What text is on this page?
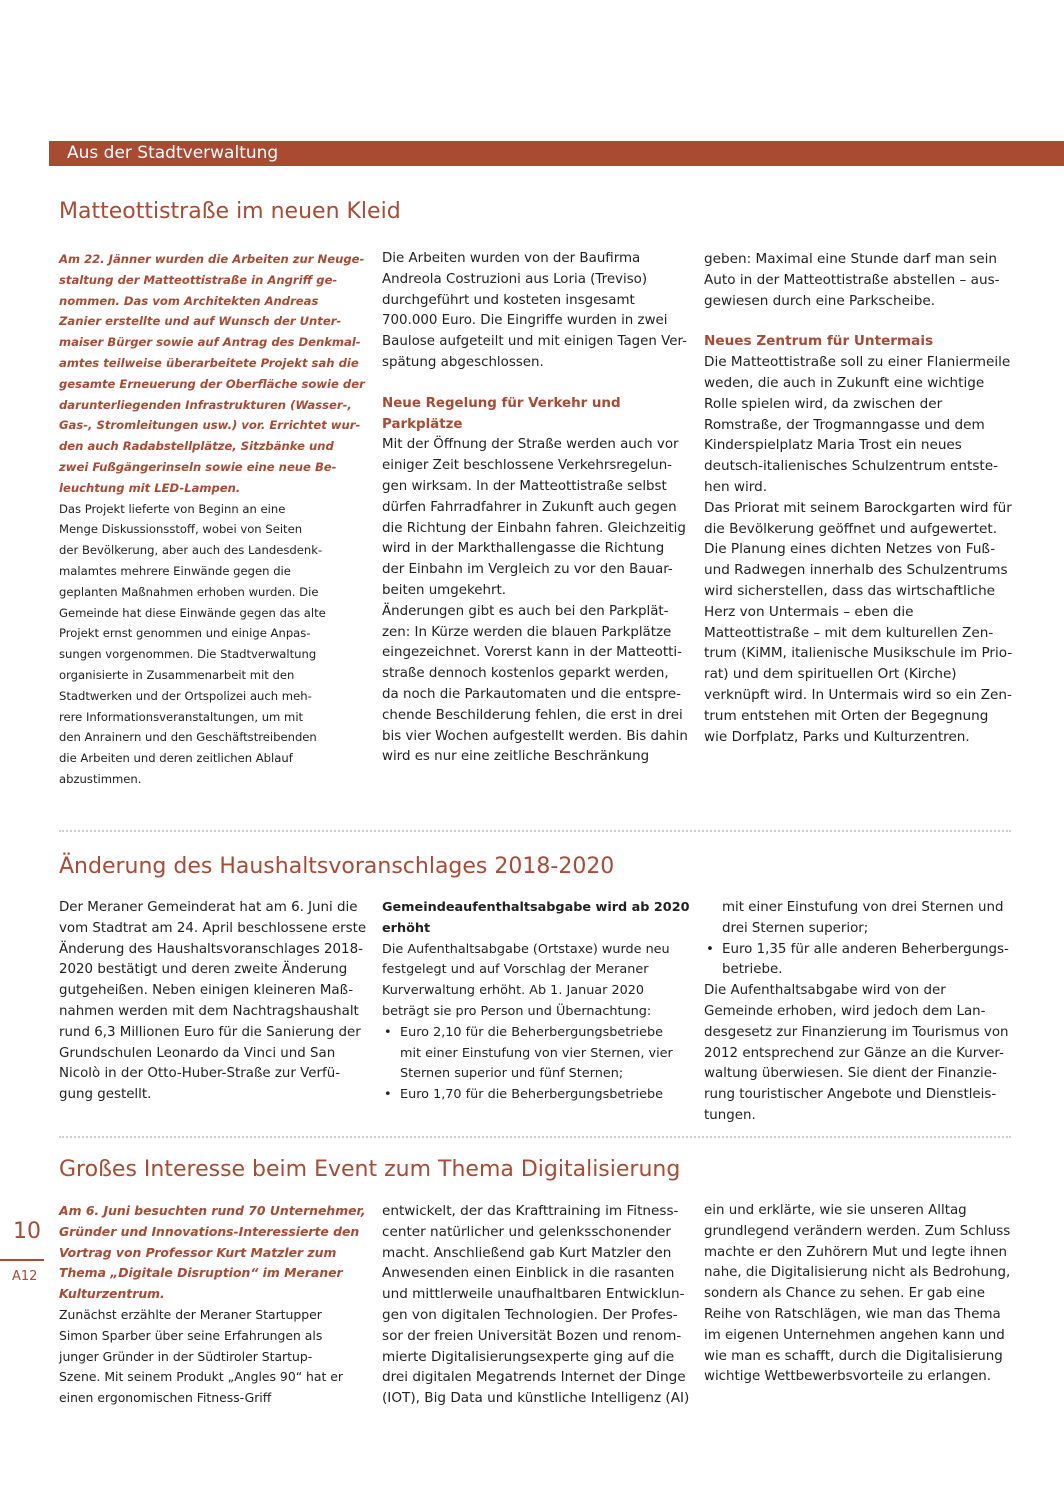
Aus der Stadtverwaltung
Matteottistraße im neuen Kleid

Am 22. Jänner wurden die Arbeiten zur Neuge-
staltung der Matteottistraße in Angriff ge-
nommen. Das vom Architekten Andreas
Zanier erstellte und auf Wunsch der Unter-
maiser Bürger sowie auf Antrag des Denkmal-
amtes teilweise überarbeitete Projekt sah die
gesamte Erneuerung der Oberfläche sowie der
darunterliegenden Infrastrukturen (Wasser-,
Gas-, Stromleitungen usw.) vor. Errichtet wur-
den auch Radabstellplätze, Sitzbänke und
zwei Fußgängerinseln sowie eine neue Be-
leuchtung mit LED-Lampen.

Das Projekt lieferte von Beginn an eine
Menge Diskussionsstoff, wobei von Seiten
der Bevölkerung, aber auch des Landesdenk-
malamtes mehrere Einwände gegen die
geplanten Maßnahmen erhoben wurden. Die
Gemeinde hat diese Einwände gegen das alte
Projekt ernst genommen und einige Anpas-
sungen vorgenommen. Die Stadtverwaltung
organisierte in Zusammenarbeit mit den
Stadtwerken und der Ortspolizei auch meh-
rere Informationsveranstaltungen, um mit
den Anrainern und den Geschäftstreibenden
die Arbeiten und deren zeitlichen Ablauf
abzustimmen.

Die Arbeiten wurden von der Baufirma
Andreola Costruzioni aus Loria (Treviso)
durchgeführt und kosteten insgesamt
700.000 Euro. Die Eingriffe wurden in zwei
Baulose aufgeteilt und mit einigen Tagen Ver-
spätung abgeschlossen.

Neue Regelung für Verkehr und
Parkplätze

Mit der Öffnung der Straße werden auch vor
einiger Zeit beschlossene Verkehrsregelun-
gen wirksam. In der Matteottistraße selbst
dürfen Fahrradfahrer in Zukunft auch gegen
die Richtung der Einbahn fahren. Gleichzeitig
wird in der Markthallengasse die Richtung
der Einbahn im Vergleich zu vor den Bauar-
beiten umgekehrt.

Änderungen gibt es auch bei den Parkplät-
zen: In Kürze werden die blauen Parkplätze
eingezeichnet. Vorerst kann in der Matteotti-
straße dennoch kostenlos geparkt werden,
da noch die Parkautomaten und die entspre-
chende Beschilderung fehlen, die erst in drei
bis vier Wochen aufgestellt werden. Bis dahin
wird es nur eine zeitliche Beschränkung

geben: Maximal eine Stunde darf man sein
Auto in der Matteottistraße abstellen – aus-
gewiesen durch eine Parkscheibe.

Neues Zentrum für Untermais

Die Matteottistraße soll zu einer Flaniermeile
weden, die auch in Zukunft eine wichtige
Rolle spielen wird, da zwischen der
Romstraße, der Trogmanngasse und dem
Kinderspielplatz Maria Trost ein neues
deutsch-italienisches Schulzentrum entste-
hen wird.

Das Priorat mit seinem Barockgarten wird für
die Bevölkerung geöffnet und aufgewertet.
Die Planung eines dichten Netzes von Fuß-
und Radwegen innerhalb des Schulzentrums
wird sicherstellen, dass das wirtschaftliche
Herz von Untermais – eben die
Matteottistraße – mit dem kulturellen Zen-
trum (KiMM, italienische Musikschule im Prio-
rat) und dem spirituellen Ort (Kirche)
verknüpft wird. In Untermais wird so ein Zen-
trum entstehen mit Orten der Begegnung
wie Dorfplatz, Parks und Kulturzentren.

Änderung des Haushaltsvoranschlages 2018-2020

Der Meraner Gemeinderat hat am 6. Juni die
vom Stadtrat am 24. April beschlossene erste
Änderung des Haushaltsvoranschlages 2018-
2020 bestätigt und deren zweite Änderung
gutgeheißen. Neben einigen kleineren Maß-
nahmen werden mit dem Nachtragshaushalt
rund 6,3 Millionen Euro für die Sanierung der
Grundschulen Leonardo da Vinci und San
Nicolò in der Otto-Huber-Straße zur Verfü-
gung gestellt.

Gemeindeaufenthaltsabgabe wird ab 2020
erhöht

Die Aufenthaltsabgabe (Ortstaxe) wurde neu
festgelegt und auf Vorschlag der Meraner
Kurverwaltung erhöht. Ab 1. Januar 2020
beträgt sie pro Person und Übernachtung:

• Euro 2,10 für die Beherbergungsbetriebe
mit einer Einstufung von vier Sternen, vier
Sternen superior und fünf Sternen;
• Euro 1,70 für die Beherbergungsbetriebe

mit einer Einstufung von drei Sternen und
drei Sternen superior;

• Euro 1,35 für alle anderen Beherbergungs-
betriebe.

Die Aufenthaltsabgabe wird von der
Gemeinde erhoben, wird jedoch dem Lan-
desgesetz zur Finanzierung im Tourismus von
2012 entsprechend zur Gänze an die Kurver-
waltung überwiesen. Sie dient der Finanzie-
rung touristischer Angebote und Dienstleis-
tungen.

Großes Interesse beim Event zum Thema Digitalisierung

Am 6. Juni besuchten rund 70 Unternehmer,
Gründer und Innovations-Interessierte den
Vortrag von Professor Kurt Matzler zum
Thema „Digitale Disruption“ im Meraner
Kulturzentrum.

Zunächst erzählte der Meraner Startupper
Simon Sparber über seine Erfahrungen als
junger Gründer in der Südtiroler Startup-
Szene. Mit seinem Produkt „Angles 90“ hat er
einen ergonomischen Fitness-Griff

entwickelt, der das Krafttraining im Fitness-
center natürlicher und gelenksschonender
macht. Anschließend gab Kurt Matzler den
Anwesenden einen Einblick in die rasanten
und mittlerweile unaufhaltbaren Entwicklun-
gen von digitalen Technologien. Der Profes-
sor der freien Universität Bozen und renom-
mierte Digitalisierungsexperte ging auf die
drei digitalen Megatrends Internet der Dinge
(IOT), Big Data und künstliche Intelligenz (AI)

ein und erklärte, wie sie unseren Alltag
grundlegend verändern werden. Zum Schluss
machte er den Zuhörern Mut und legte ihnen
nahe, die Digitalisierung nicht als Bedrohung,
sondern als Chance zu sehen. Er gab eine
Reihe von Ratschlägen, wie man das Thema
im eigenen Unternehmen angehen kann und
wie man es schafft, durch die Digitalisierung
wichtige Wettbewerbsvorteile zu erlangen.

10
A12
